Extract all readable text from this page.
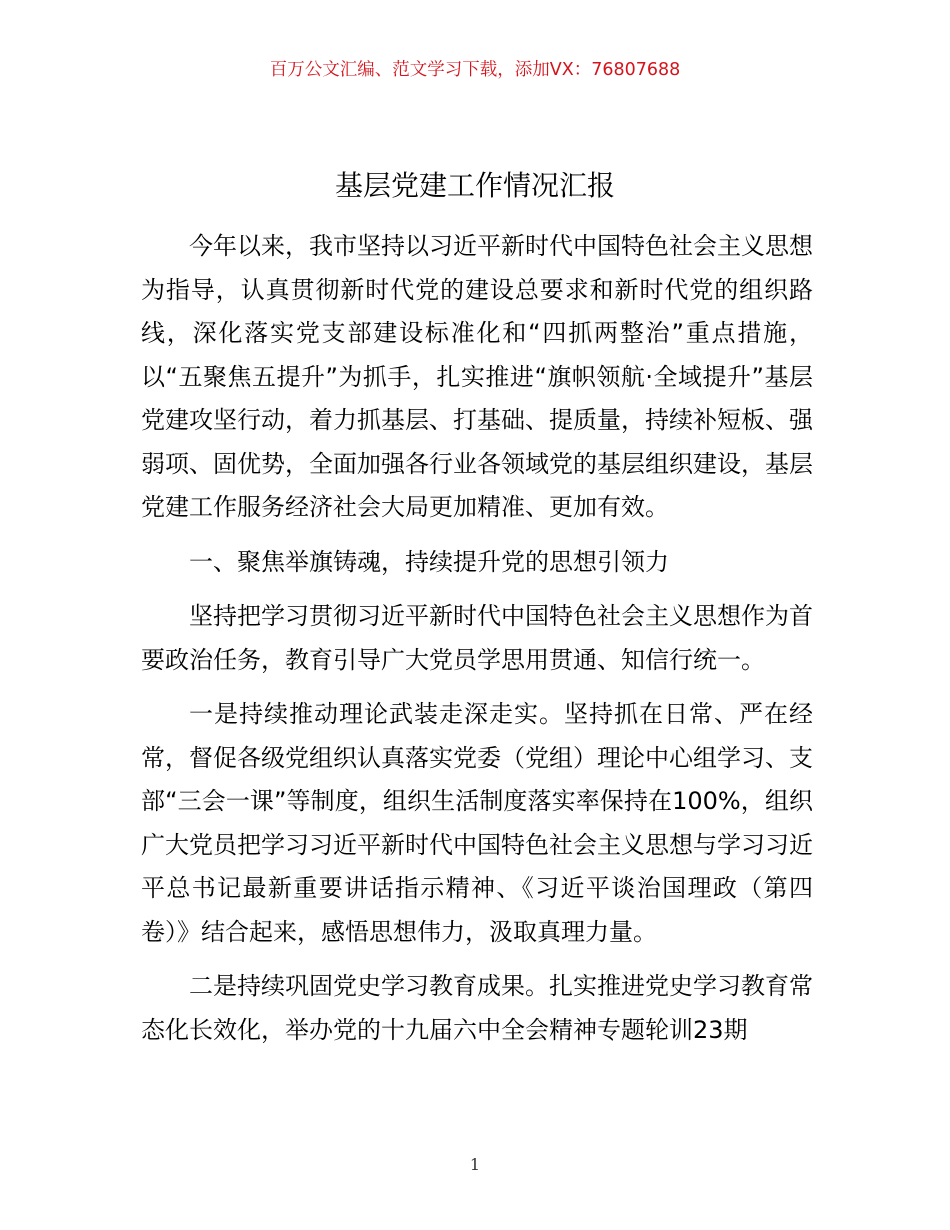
百万公文汇编、范文学习下载，添加VX：76807688
基层党建工作情况汇报

今年以来，我市坚持以习近平新时代中国特色社会主义思想为指导，认真贯彻新时代党的建设总要求和新时代党的组织路线，深化落实党支部建设标准化和“四抓两整治”重点措施，以“五聚焦五提升”为抓手，扎实推进“旗帜领航·全域提升”基层党建攻坚行动，着力抓基层、打基础、提质量，持续补短板、强弱项、固优势，全面加强各行业各领域党的基层组织建设，基层党建工作服务经济社会大局更加精准、更加有效。

一、聚焦举旗铸魂，持续提升党的思想引领力

坚持把学习贯彻习近平新时代中国特色社会主义思想作为首要政治任务，教育引导广大党员学思用贯通、知信行统一。

一是持续推动理论武装走深走实。坚持抓在日常、严在经常，督促各级党组织认真落实党委（党组）理论中心组学习、支部“三会一课”等制度，组织生活制度落实率保持在100%，组织广大党员把学习习近平新时代中国特色社会主义思想与学习习近平总书记最新重要讲话指示精神、《习近平谈治国理政（第四卷）》结合起来，感悟思想伟力，汲取真理力量。

二是持续巩固党史学习教育成果。扎实推进党史学习教育常态化长效化，举办党的十九届六中全会精神专题轮训23期

1
